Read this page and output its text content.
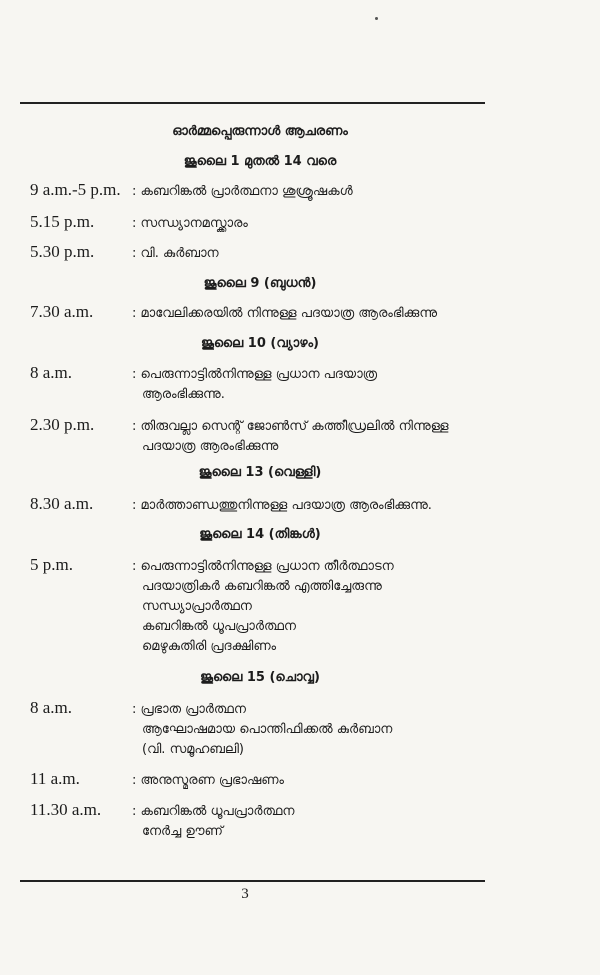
ഓർമ്മപ്പെരുന്നാൾ ആചരണം
ജൂലൈ 1 മുതൽ 14 വരെ
9 a.m.-5 p.m. : കബറിങ്കൽ പ്രാർത്ഥനാ ശുശ്രൂഷകൾ
5.15 p.m.	: സന്ധ്യാനമസ്ക്കാരം
5.30 p.m.	: വി. കുർബാന
ജൂലൈ 9 (ബുധൻ)
7.30 a.m.	: മാവേലിക്കരയിൽ നിന്നുള്ള പദയാത്ര ആരംഭിക്കുന്നു
ജൂലൈ 10 (വ്യാഴം)
8 a.m.	: പെരുന്നാട്ടിൽനിന്നുള്ള പ്രധാന പദയാത്ര
ആരംഭിക്കുന്നു.
2.30 p.m.	: തിരുവല്ലാ സെന്റ് ജോൺസ് കത്തീഡ്രലിൽ നിന്നുള്ള
പദയാത്ര ആരംഭിക്കുന്നു
ജൂലൈ 13 (വെള്ളി)
8.30 a.m.	: മാർത്താണ്ഡത്തുനിന്നുള്ള പദയാത്ര ആരംഭിക്കുന്നു.
ജൂലൈ 14 (തിങ്കൾ)
5 p.m.	: പെരുന്നാട്ടിൽനിന്നുള്ള പ്രധാന തീർത്ഥാടന
പദയാത്രികർ കബറിങ്കൽ എത്തിച്ചേരുന്നു
സന്ധ്യാപ്രാർത്ഥന
കബറിങ്കൽ ധൂപപ്രാർത്ഥന
മെഴുകുതിരി പ്രദക്ഷിണം
ജൂലൈ 15 (ചൊവ്വ)
8 a.m.	: പ്രഭാത പ്രാർത്ഥന
ആഘോഷമായ പൊന്തിഫിക്കൽ കുർബാന
(വി. സമൂഹബലി)
11 a.m.	: അനുസ്മരണ പ്രഭാഷണം
11.30 a.m. : കബറിങ്കൽ ധൂപപ്രാർത്ഥന
നേർച്ച ഊണ്
3
